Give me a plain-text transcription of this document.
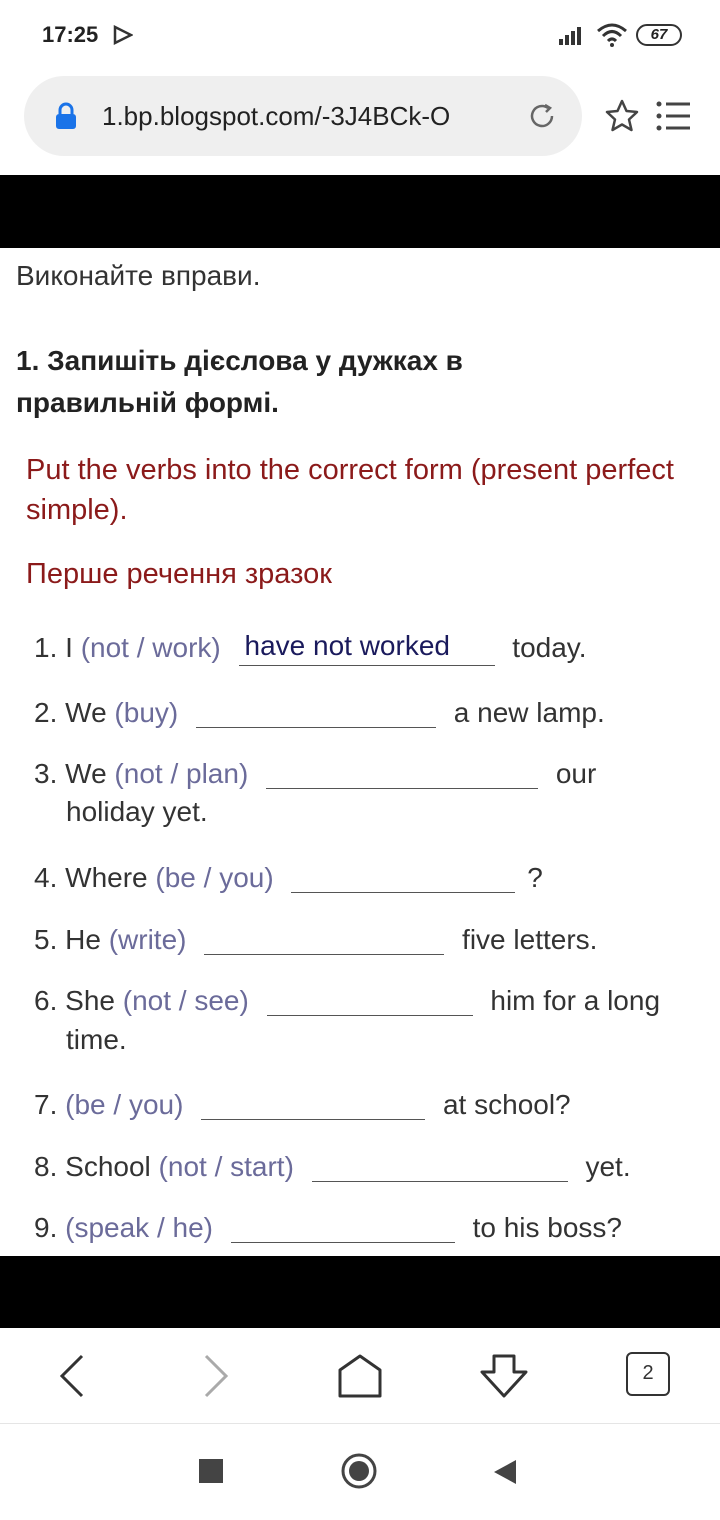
17:25	67
1.bp.blogspot.com/-3J4BCk-O
Виконайте вправи.
1. Запишіть дієслова у дужках в правильній формі.
Put the verbs into the correct form (present perfect simple).
Перше речення зразок
1. I (not / work) have not worked today.
2. We (buy)	a new lamp.
3. We (not / plan)	our
holiday yet.
4. Where (be / you)	?
5. He (write)	five letters.
6. She (not / see)	him for a long
time.
7. (be / you)	at school?
8. School (not / start)	yet.
9. (speak / he)	to his boss?
2
